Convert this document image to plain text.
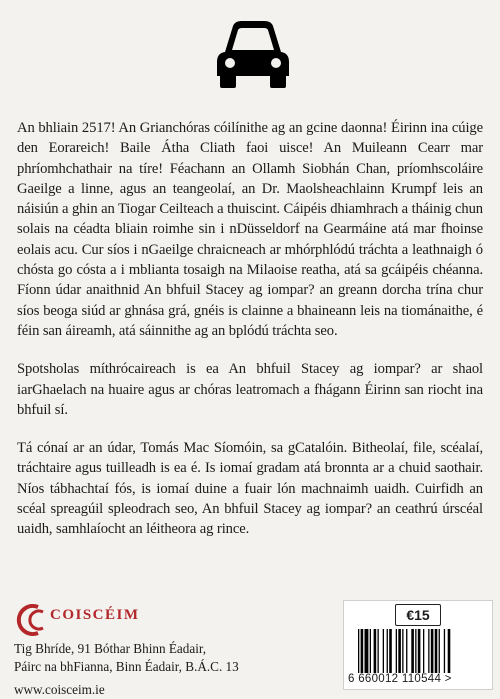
An bhliain 2517! An Grianchóras cóilínithe ag an gcine daonna! Éirinn ina cúige den Eorareich! Baile Átha Cliath faoi uisce! An Muileann Cearr mar phríomhchathair na tíre! Féachann an Ollamh Siobhán Chan, príomhscoláire Gaeilge a linne, agus an teangeolaí, an Dr. Maolsheachlainn Krumpf leis an náisiún a ghin an Tiogar Ceilteach a thuiscint. Cáipéis dhiamhrach a tháinig chun solais na céadta bliain roimhe sin i nDüsseldorf na Gearmáine atá mar fhoinse eolais acu. Cur síos i nGaeilge chraicneach ar mhórphlódú tráchta a leathnaigh ó chósta go cósta a i mblianta tosaigh na Milaoise reatha, atá sa gcáipéis chéanna. Fíonn údar anaithnid An bhfuil Stacey ag iompar? an greann dorcha trína chur síos beoga siúd ar ghnása grá, gnéis is clainne a bhaineann leis na tiománaithe, é féin san áireamh, atá sáinnithe ag an bplódú tráchta seo.

Spotsholas míthrócaireach is ea An bhfuil Stacey ag iompar? ar shaol iarGhaelach na huaire agus ar chóras leatromach a fhágann Éirinn san riocht ina bhfuil sí.

Tá cónaí ar an údar, Tomás Mac Síomóin, sa gCatalóin. Bitheolaí, file, scéalaí, tráchtaire agus tuilleadh is ea é. Is iomaí gradam atá bronnta ar a chuid saothair. Níos tábhachtaí fós, is iomaí duine a fuair lón machnaimh uaidh. Cuirfidh an scéal spreagúil spleodrach seo, An bhfuil Stacey ag iompar? an ceathrú úrscéal uaidh, samhlaíocht an léitheora ag rince.

COISCÉIM
Tig Bhríde, 91 Bóthar Bhinn Éadair,
Páirc na bhFianna, Binn Éadair, B.Á.C. 13
www.coisceim.ie
€15
6 660012 110544 >
